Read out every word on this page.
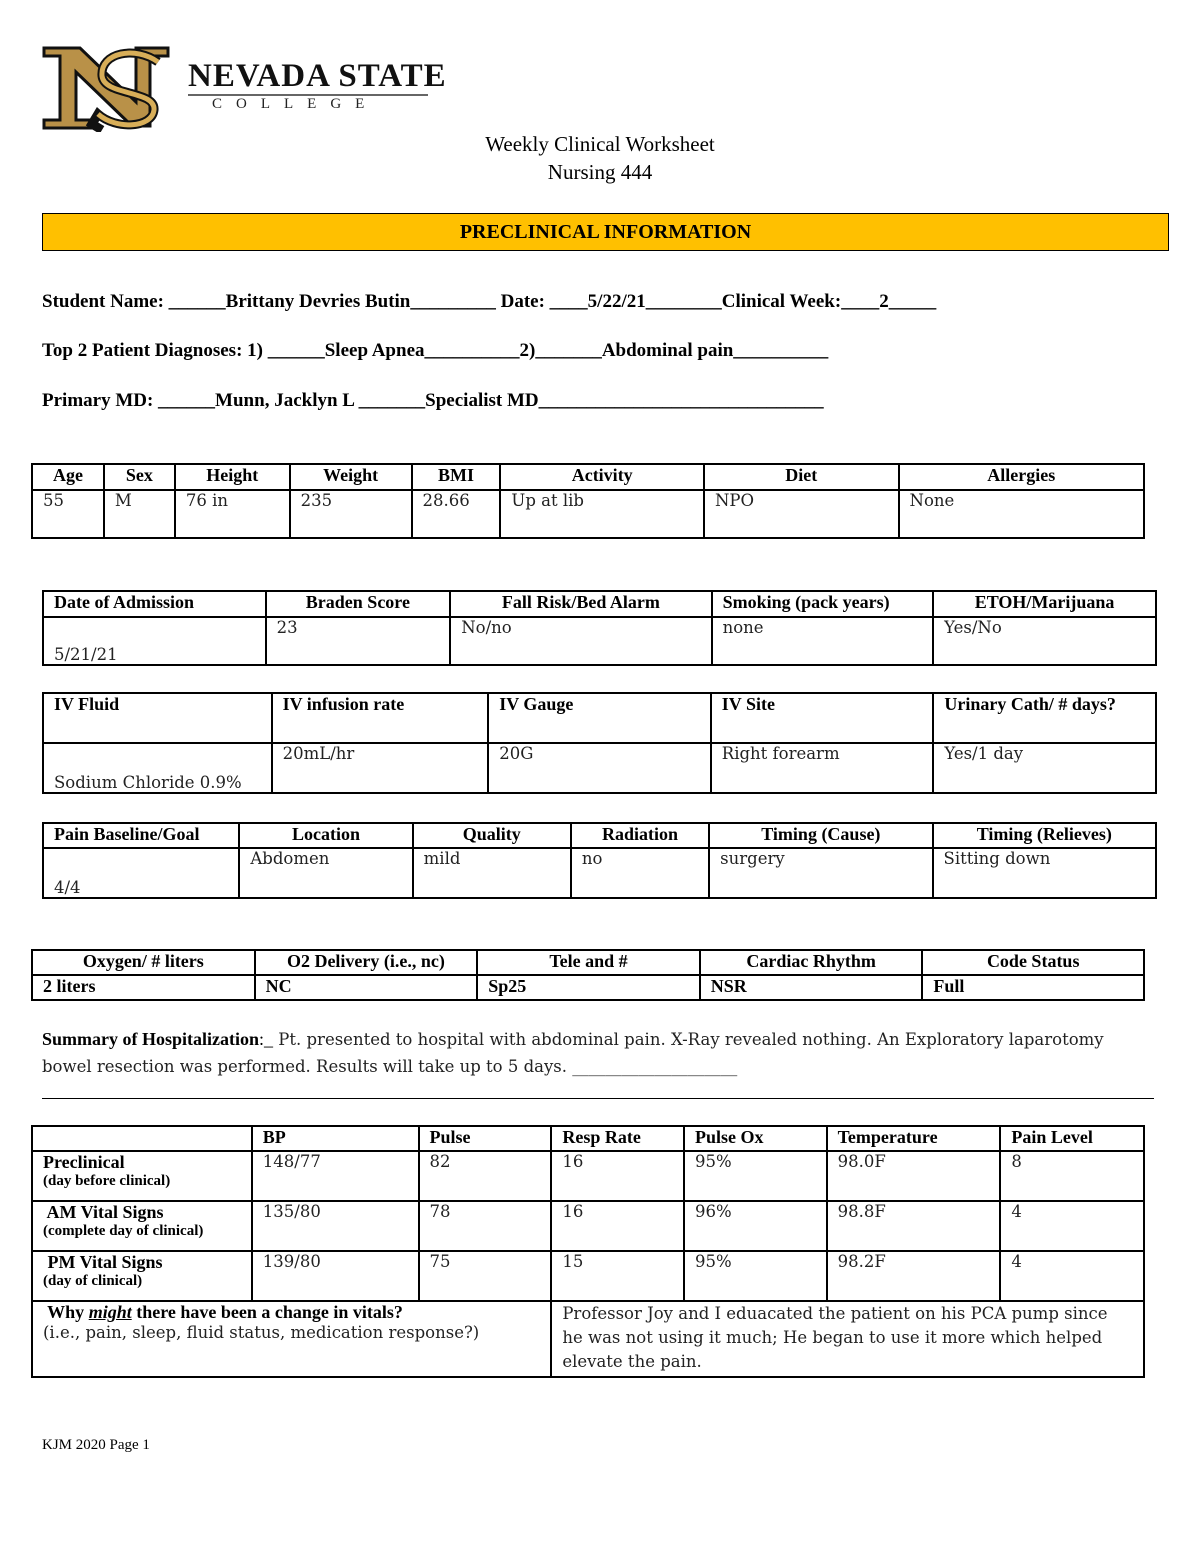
NEVADA STATE
COLLEGE
Weekly Clinical Worksheet
Nursing 444
PRECLINICAL INFORMATION
Student Name: ______Brittany Devries Butin_________ Date: ____5/22/21________Clinical Week:____2_____
Top 2 Patient Diagnoses: 1) ______Sleep Apnea__________2)_______Abdominal pain__________
Primary MD: ______Munn, Jacklyn L _______Specialist MD______________________________
Age	Sex	Height	Weight	BMI	Activity	Diet	Allergies
55	M	76 in	235	28.66	Up at lib	NPO	None
Date of Admission	Braden Score	Fall Risk/Bed Alarm	Smoking (pack years)	ETOH/Marijuana
5/21/21	23	No/no	none	Yes/No
IV Fluid	IV infusion rate	IV Gauge	IV Site	Urinary Cath/ # days?
Sodium Chloride 0.9%	20mL/hr	20G	Right forearm	Yes/1 day
Pain Baseline/Goal	Location	Quality	Radiation	Timing (Cause)	Timing (Relieves)
4/4	Abdomen	mild	no	surgery	Sitting down
Oxygen/ # liters	O2 Delivery (i.e., nc)	Tele and #	Cardiac Rhythm	Code Status
2 liters	NC	Sp25	NSR	Full
Summary of Hospitalization:_ Pt. presented to hospital with abdominal pain. X-Ray revealed nothing. An Exploratory laparotomy bowel resection was performed. Results will take up to 5 days. ____________________
	BP	Pulse	Resp Rate	Pulse Ox	Temperature	Pain Level

Preclinical
(day before clinical)	148/77	82	16	95%	98.0F	8

AM Vital Signs
(complete day of clinical)	135/80	78	16	96%	98.8F	4

PM Vital Signs
(day of clinical)	139/80	75	15	95%	98.2F	4

Why might there have been a change in vitals?
(i.e., pain, sleep, fluid status, medication response?)			Professor Joy and I eduacated the patient on his PCA pump since he was not using it much; He began to use it more which helped elevate the pain.			
KJM 2020 Page 1
